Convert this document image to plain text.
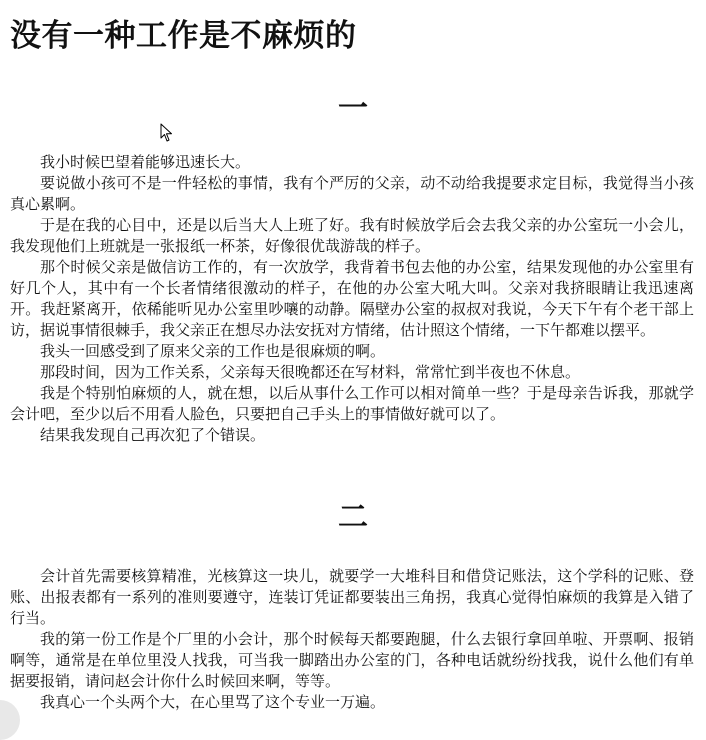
没有一种工作是不麻烦的
一

我小时候巴望着能够迅速长大。

要说做小孩可不是一件轻松的事情，我有个严厉的父亲，动不动给我提要求定目标，我觉得当小孩真心累啊。

于是在我的心目中，还是以后当大人上班了好。我有时候放学后会去我父亲的办公室玩一小会儿，我发现他们上班就是一张报纸一杯茶，好像很优哉游哉的样子。

那个时候父亲是做信访工作的，有一次放学，我背着书包去他的办公室，结果发现他的办公室里有好几个人，其中有一个长者情绪很激动的样子，在他的办公室大吼大叫。父亲对我挤眼睛让我迅速离开。我赶紧离开，依稀能听见办公室里吵嚷的动静。隔壁办公室的叔叔对我说，今天下午有个老干部上访，据说事情很棘手，我父亲正在想尽办法安抚对方情绪，估计照这个情绪，一下午都难以摆平。

我头一回感受到了原来父亲的工作也是很麻烦的啊。

那段时间，因为工作关系，父亲每天很晚都还在写材料，常常忙到半夜也不休息。

我是个特别怕麻烦的人，就在想，以后从事什么工作可以相对简单一些？于是母亲告诉我，那就学会计吧，至少以后不用看人脸色，只要把自己手头上的事情做好就可以了。

结果我发现自己再次犯了个错误。

二

会计首先需要核算精准，光核算这一块儿，就要学一大堆科目和借贷记账法，这个学科的记账、登账、出报表都有一系列的准则要遵守，连装订凭证都要装出三角拐，我真心觉得怕麻烦的我算是入错了行当。

我的第一份工作是个厂里的小会计，那个时候每天都要跑腿，什么去银行拿回单啦、开票啊、报销啊等，通常是在单位里没人找我，可当我一脚踏出办公室的门，各种电话就纷纷找我，说什么他们有单据要报销，请问赵会计你什么时候回来啊，等等。

我真心一个头两个大，在心里骂了这个专业一万遍。
